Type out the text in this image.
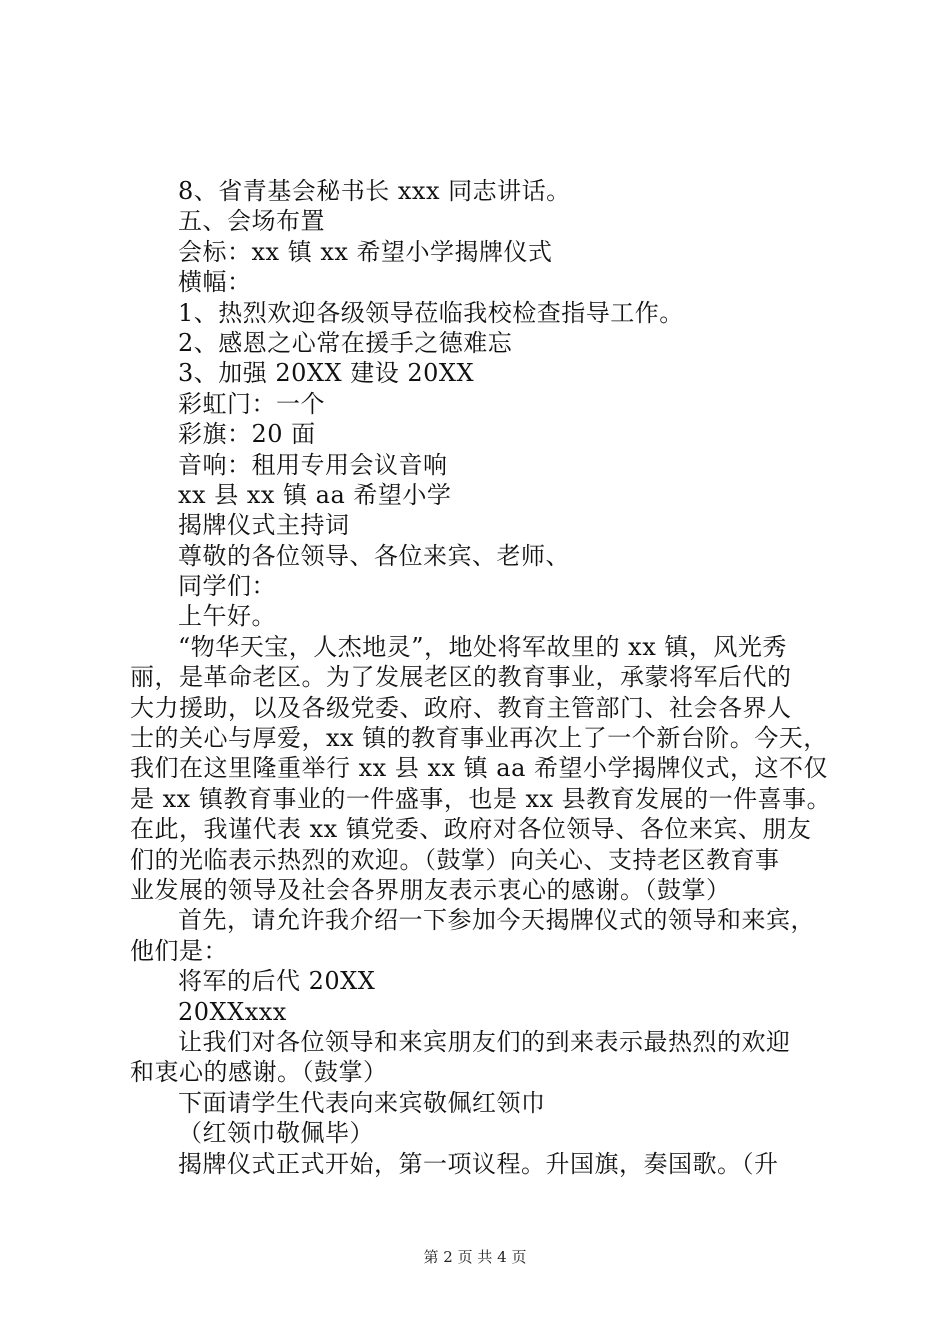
8、省青基会秘书长 xxx 同志讲话。
五、会场布置
会标：xx 镇 xx 希望小学揭牌仪式
横幅：
1、热烈欢迎各级领导莅临我校检查指导工作。
2、感恩之心常在援手之德难忘
3、加强 20XX 建设 20XX
彩虹门：一个
彩旗：20 面
音响：租用专用会议音响
xx 县 xx 镇 aa 希望小学
揭牌仪式主持词
尊敬的各位领导、各位来宾、老师、
同学们：
上午好。
“物华天宝，人杰地灵”，地处将军故里的 xx 镇，风光秀
丽，是革命老区。为了发展老区的教育事业，承蒙将军后代的
大力援助，以及各级党委、政府、教育主管部门、社会各界人
士的关心与厚爱，xx 镇的教育事业再次上了一个新台阶。今天，
我们在这里隆重举行 xx 县 xx 镇 aa 希望小学揭牌仪式，这不仅
是 xx 镇教育事业的一件盛事，也是 xx 县教育发展的一件喜事。
在此，我谨代表 xx 镇党委、政府对各位领导、各位来宾、朋友
们的光临表示热烈的欢迎。（鼓掌）向关心、支持老区教育事
业发展的领导及社会各界朋友表示衷心的感谢。（鼓掌）
首先，请允许我介绍一下参加今天揭牌仪式的领导和来宾，
他们是：
将军的后代 20XX
20XXxxx
让我们对各位领导和来宾朋友们的到来表示最热烈的欢迎
和衷心的感谢。（鼓掌）
下面请学生代表向来宾敬佩红领巾
（红领巾敬佩毕）
揭牌仪式正式开始，第一项议程。升国旗，奏国歌。（升
第 2 页 共 4 页
